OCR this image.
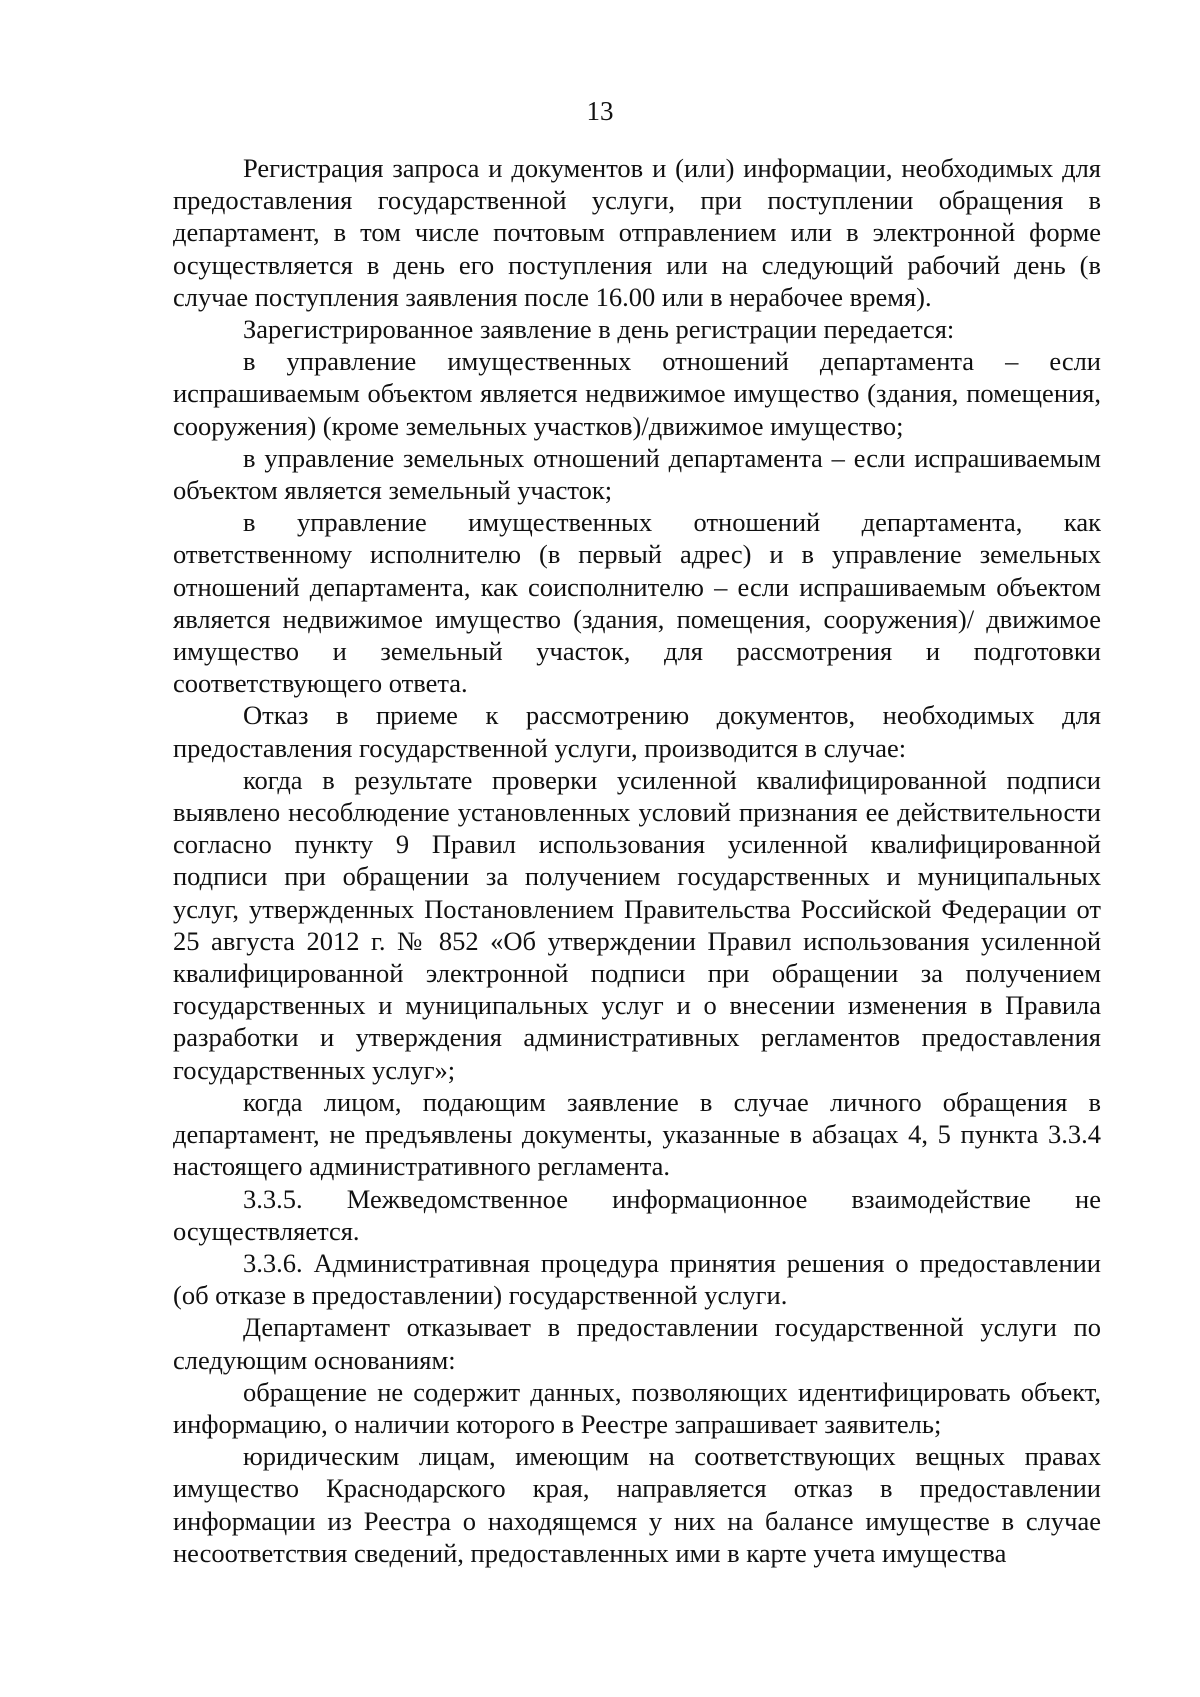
13

Регистрация запроса и документов и (или) информации, необходимых для предоставления государственной услуги, при поступлении обращения в департамент, в том числе почтовым отправлением или в электронной форме осуществляется в день его поступления или на следующий рабочий день (в случае поступления заявления после 16.00 или в нерабочее время).

Зарегистрированное заявление в день регистрации передается:

в управление имущественных отношений департамента – если испрашиваемым объектом является недвижимое имущество (здания, помещения, сооружения) (кроме земельных участков)/движимое имущество;

в управление земельных отношений департамента – если испрашиваемым объектом является земельный участок;

в управление имущественных отношений департамента, как ответственному исполнителю (в первый адрес) и в управление земельных отношений департамента, как соисполнителю – если испрашиваемым объектом является недвижимое имущество (здания, помещения, сооружения)/ движимое имущество и земельный участок, для рассмотрения и подготовки соответствующего ответа.

Отказ в приеме к рассмотрению документов, необходимых для предоставления государственной услуги, производится в случае:

когда в результате проверки усиленной квалифицированной подписи выявлено несоблюдение установленных условий признания ее действительности согласно пункту 9 Правил использования усиленной квалифицированной подписи при обращении за получением государственных и муниципальных услуг, утвержденных Постановлением Правительства Российской Федерации от 25 августа 2012 г. № 852 «Об утверждении Правил использования усиленной квалифицированной электронной подписи при обращении за получением государственных и муниципальных услуг и о внесении изменения в Правила разработки и утверждения административных регламентов предоставления государственных услуг»;

когда лицом, подающим заявление в случае личного обращения в департамент, не предъявлены документы, указанные в абзацах 4, 5 пункта 3.3.4 настоящего административного регламента.

3.3.5. Межведомственное информационное взаимодействие не осуществляется.

3.3.6. Административная процедура принятия решения о предоставлении (об отказе в предоставлении) государственной услуги.

Департамент отказывает в предоставлении государственной услуги по следующим основаниям:

обращение не содержит данных, позволяющих идентифицировать объект, информацию, о наличии которого в Реестре запрашивает заявитель;

юридическим лицам, имеющим на соответствующих вещных правах имущество Краснодарского края, направляется отказ в предоставлении информации из Реестра о находящемся у них на балансе имуществе в случае несоответствия сведений, предоставленных ими в карте учета имущества
